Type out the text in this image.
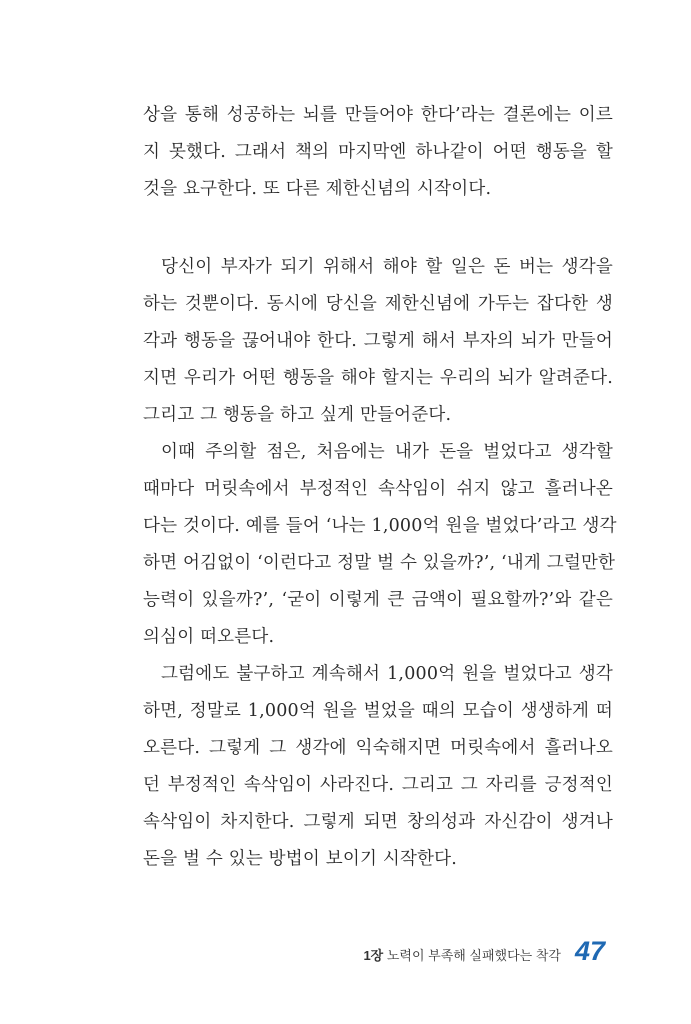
상을 통해 성공하는 뇌를 만들어야 한다’라는 결론에는 이르
지 못했다. 그래서 책의 마지막엔 하나같이 어떤 행동을 할
것을 요구한다. 또 다른 제한신념의 시작이다.
당신이 부자가 되기 위해서 해야 할 일은 돈 버는 생각을
하는 것뿐이다. 동시에 당신을 제한신념에 가두는 잡다한 생
각과 행동을 끊어내야 한다. 그렇게 해서 부자의 뇌가 만들어
지면 우리가 어떤 행동을 해야 할지는 우리의 뇌가 알려준다.
그리고 그 행동을 하고 싶게 만들어준다.
이때 주의할 점은, 처음에는 내가 돈을 벌었다고 생각할
때마다 머릿속에서 부정적인 속삭임이 쉬지 않고 흘러나온
다는 것이다. 예를 들어 ‘나는 1,000억 원을 벌었다’라고 생각
하면 어김없이 ‘이런다고 정말 벌 수 있을까?’, ‘내게 그럴만한
능력이 있을까?’, ‘굳이 이렇게 큰 금액이 필요할까?’와 같은
의심이 떠오른다.
그럼에도 불구하고 계속해서 1,000억 원을 벌었다고 생각
하면, 정말로 1,000억 원을 벌었을 때의 모습이 생생하게 떠
오른다. 그렇게 그 생각에 익숙해지면 머릿속에서 흘러나오
던 부정적인 속삭임이 사라진다. 그리고 그 자리를 긍정적인
속삭임이 차지한다. 그렇게 되면 창의성과 자신감이 생겨나
돈을 벌 수 있는 방법이 보이기 시작한다.
1장 노력이 부족해 실패했다는 착각 47
